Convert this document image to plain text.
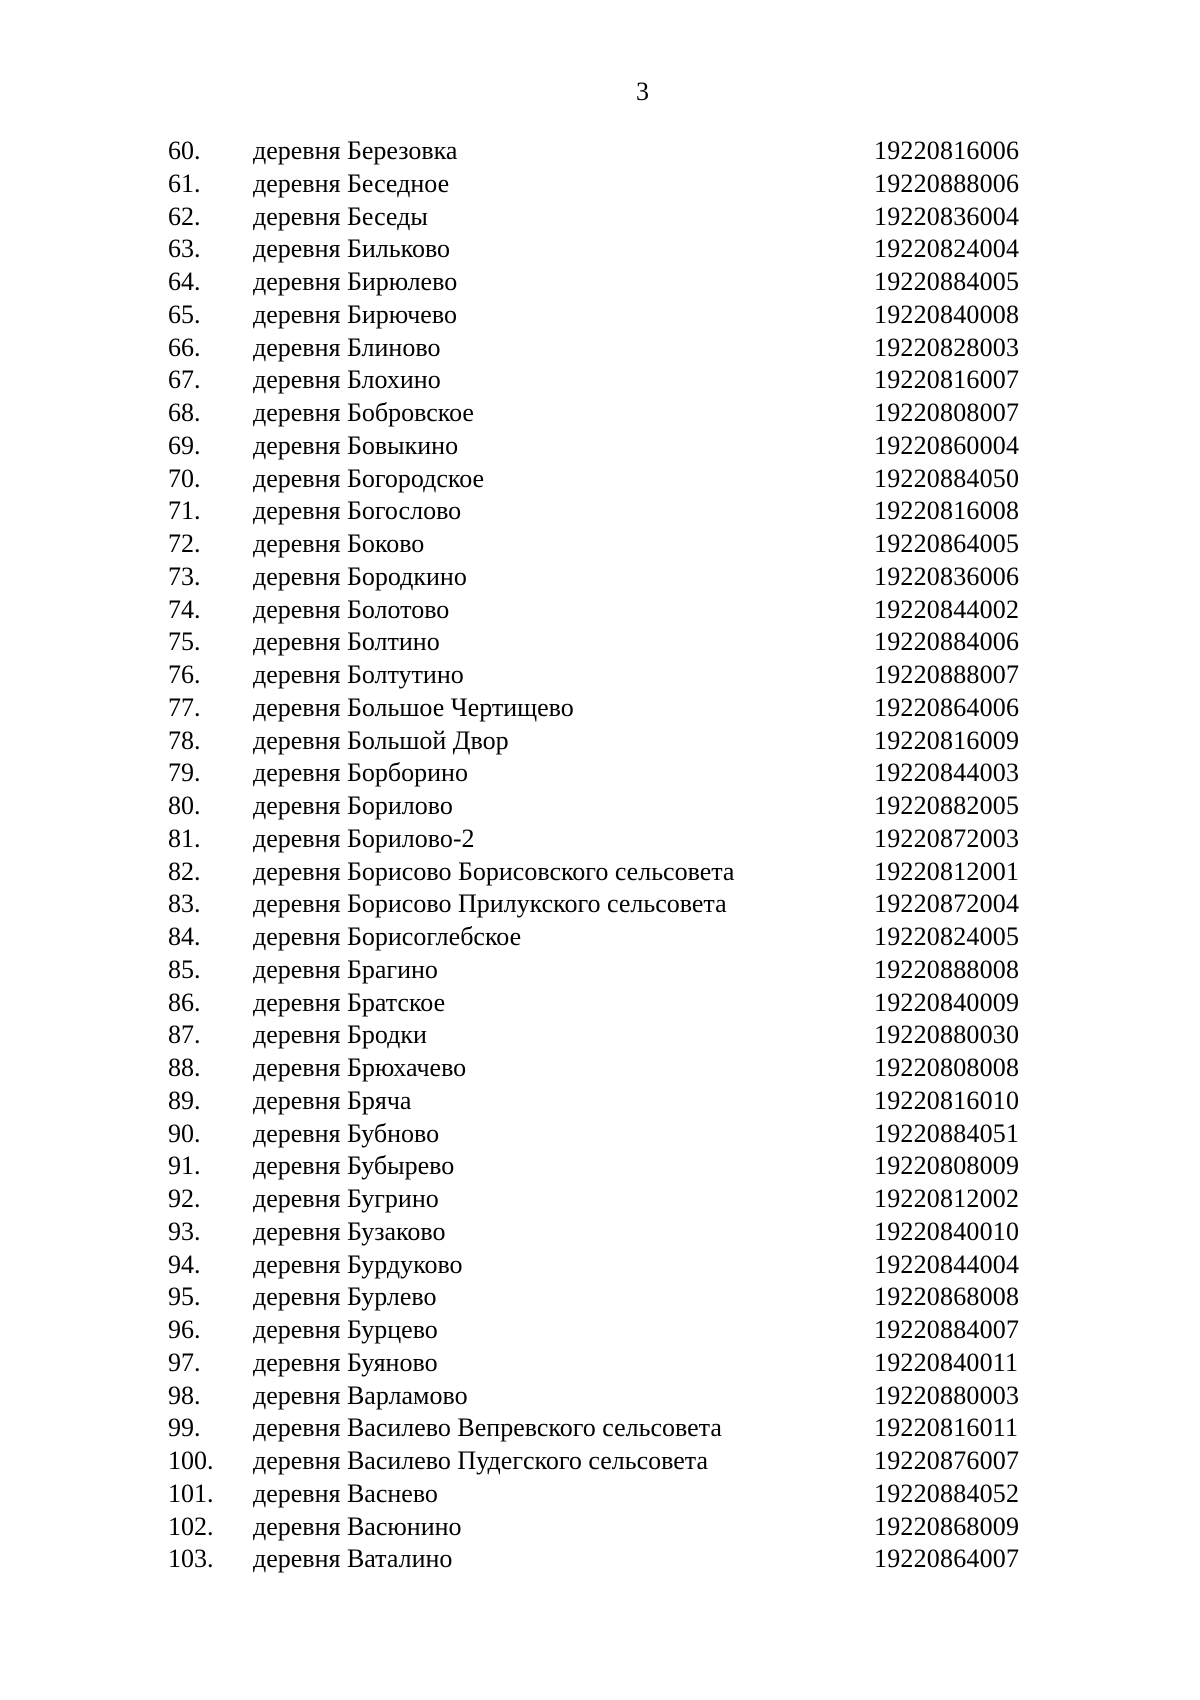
3
60. деревня Березовка	19220816006
61. деревня Беседное	19220888006
62. деревня Беседы	19220836004
63. деревня Бильково	19220824004
64. деревня Бирюлево	19220884005
65. деревня Бирючево	19220840008
66. деревня Блиново	19220828003
67. деревня Блохино	19220816007
68. деревня Бобровское	19220808007
69. деревня Бовыкино	19220860004
70. деревня Богородское	19220884050
71. деревня Богослово	19220816008
72. деревня Боково	19220864005
73. деревня Бородкино	19220836006
74. деревня Болотово	19220844002
75. деревня Болтино	19220884006
76. деревня Болтутино	19220888007
77. деревня Большое Чертищево	19220864006
78. деревня Большой Двор	19220816009
79. деревня Борборино	19220844003
80. деревня Борилово	19220882005
81. деревня Борилово-2	19220872003
82. деревня Борисово Борисовского сельсовета	19220812001
83. деревня Борисово Прилукского сельсовета	19220872004
84. деревня Борисоглебское	19220824005
85. деревня Брагино	19220888008
86. деревня Братское	19220840009
87. деревня Бродки	19220880030
88. деревня Брюхачево	19220808008
89. деревня Бряча	19220816010
90. деревня Бубново	19220884051
91. деревня Бубырево	19220808009
92. деревня Бугрино	19220812002
93. деревня Бузаково	19220840010
94. деревня Бурдуково	19220844004
95. деревня Бурлево	19220868008
96. деревня Бурцево	19220884007
97. деревня Буяново	19220840011
98. деревня Варламово	19220880003
99. деревня Василево Вепревского сельсовета	19220816011
100. деревня Василево Пудегского сельсовета	19220876007
101. деревня Васнево	19220884052
102. деревня Васюнино	19220868009
103. деревня Ваталино	19220864007
